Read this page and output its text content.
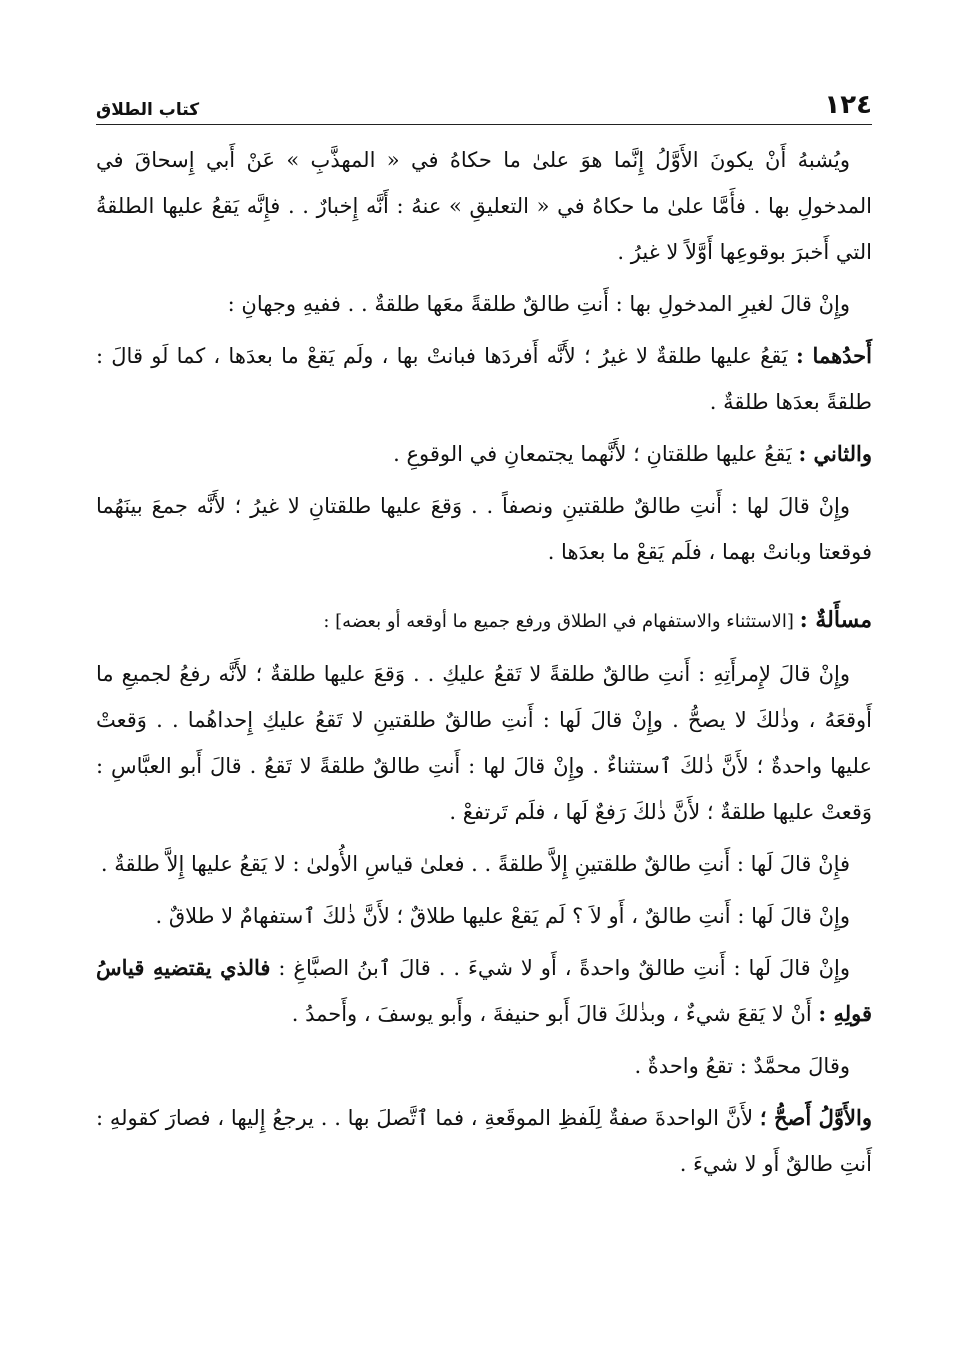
١٢٤
كتاب الطلاق

ويُشبهُ أَنْ يكونَ الأَوَّلُ إِنَّما هوَ علىٰ ما حكاهُ في « المهذَّبِ » عَنْ أَبي إِسحاقَ في المدخولِ بها . فأَمَّا علىٰ ما حكاهُ في « التعليقِ » عنهُ : أَنَّه إِخبارٌ . . فإِنَّه يَقعُ عليها الطلقةُ التي أَخبرَ بوقوعِها أَوَّلاً لا غيرُ .

وإِنْ قالَ لغيرِ المدخولِ بها : أَنتِ طالقٌ طلقةً معَها طلقةٌ . . ففيهِ وجهانِ :

أَحدُهما : يَقعُ عليها طلقةٌ لا غيرُ ؛ لأَنَّه أَفردَها فبانتْ بها ، ولَم يَقعْ ما بعدَها ، كما لَو قالَ : طلقةً بعدَها طلقةٌ .

والثاني : يَقعُ عليها طلقتانِ ؛ لأَنَّهما يجتمعانِ في الوقوعِ .

وإِنْ قالَ لها : أَنتِ طالقٌ طلقتينِ ونصفاً . . وَقعَ عليها طلقتانِ لا غيرُ ؛ لأَنَّه جمعَ بينَهُما فوقعتا وبانتْ بهما ، فلَم يَقعْ ما بعدَها .

مسأَلةٌ : [الاستثناء والاستفهام في الطلاق ورفع جميع ما أوقعه أو بعضه] :

وإِنْ قالَ لإِمرأَتِهِ : أَنتِ طالقٌ طلقةً لا تَقعُ عليكِ . . وَقعَ عليها طلقةٌ ؛ لأَنَّه رفعُ لجميعِ ما أَوقعَهُ ، وذٰلكَ لا يصحُّ . وإِنْ قالَ لَها : أَنتِ طالقٌ طلقتينِ لا تَقعُ عليكِ إِحداهُما . . وَقعتْ عليها واحدةٌ ؛ لأَنَّ ذٰلكَ ٱستثناءٌ . وإِنْ قالَ لها : أَنتِ طالقٌ طلقةً لا تَقعُ . قالَ أَبو العبَّاسِ : وَقعتْ عليها طلقةٌ ؛ لأَنَّ ذٰلكَ رَفعٌ لَها ، فلَم تَرتفعْ .

فإِنْ قالَ لَها : أَنتِ طالقٌ طلقتينِ إِلاَّ طلقةً . . فعلىٰ قياسِ الأُولىٰ : لا يَقعُ عليها إِلاَّ طلقةٌ .

وإِنْ قالَ لَها : أَنتِ طالقٌ ، أَو لاَ ؟ لَم يَقعْ عليها طلاقٌ ؛ لأَنَّ ذٰلكَ ٱستفهامٌ لا طلاقٌ .

وإِنْ قالَ لَها : أَنتِ طالقٌ واحدةً ، أَو لا شيءَ . . قالَ ٱبنُ الصبَّاغِ : فالذي يقتضيهِ قياسُ قولِهِ : أَنْ لا يَقعَ شيءٌ ، وبذٰلكَ قالَ أَبو حنيفةَ ، وأَبو يوسفَ ، وأَحمدُ .

وقالَ محمَّدٌ : تقعُ واحدةٌ .

والأَوَّلُ أَصحُّ ؛ لأَنَّ الواحدةَ صفةٌ لِلَفظِ الموقَعةِ ، فما ٱتَّصلَ بها . . يرجعُ إِليها ، فصارَ كقولهِ : أَنتِ طالقٌ أَو لا شيءَ .
